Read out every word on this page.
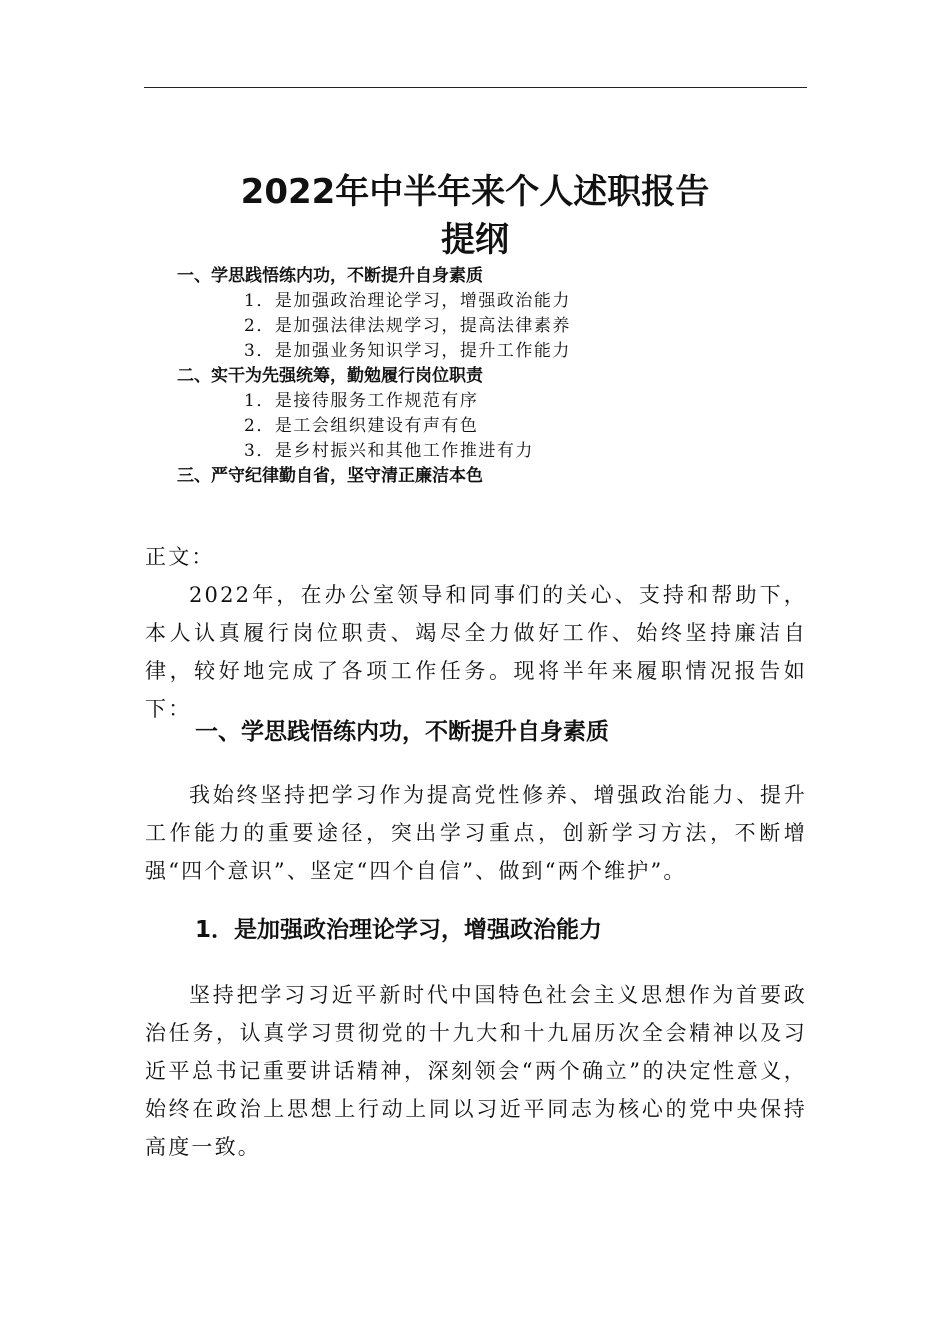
2022年中半年来个人述职报告
提纲
一、学思践悟练内功，不断提升自身素质
1．是加强政治理论学习，增强政治能力
2．是加强法律法规学习，提高法律素养
3．是加强业务知识学习，提升工作能力
二、实干为先强统筹，勤勉履行岗位职责
1．是接待服务工作规范有序
2．是工会组织建设有声有色
3．是乡村振兴和其他工作推进有力
三、严守纪律勤自省，坚守清正廉洁本色
正文：
2022年，在办公室领导和同事们的关心、支持和帮助下，本人认真履行岗位职责、竭尽全力做好工作、始终坚持廉洁自律，较好地完成了各项工作任务。现将半年来履职情况报告如下：
一、学思践悟练内功，不断提升自身素质
我始终坚持把学习作为提高党性修养、增强政治能力、提升工作能力的重要途径，突出学习重点，创新学习方法，不断增强“四个意识”、坚定“四个自信”、做到“两个维护”。
1．是加强政治理论学习，增强政治能力
坚持把学习习近平新时代中国特色社会主义思想作为首要政治任务，认真学习贯彻党的十九大和十九届历次全会精神以及习近平总书记重要讲话精神，深刻领会“两个确立”的决定性意义，始终在政治上思想上行动上同以习近平同志为核心的党中央保持高度一致。
